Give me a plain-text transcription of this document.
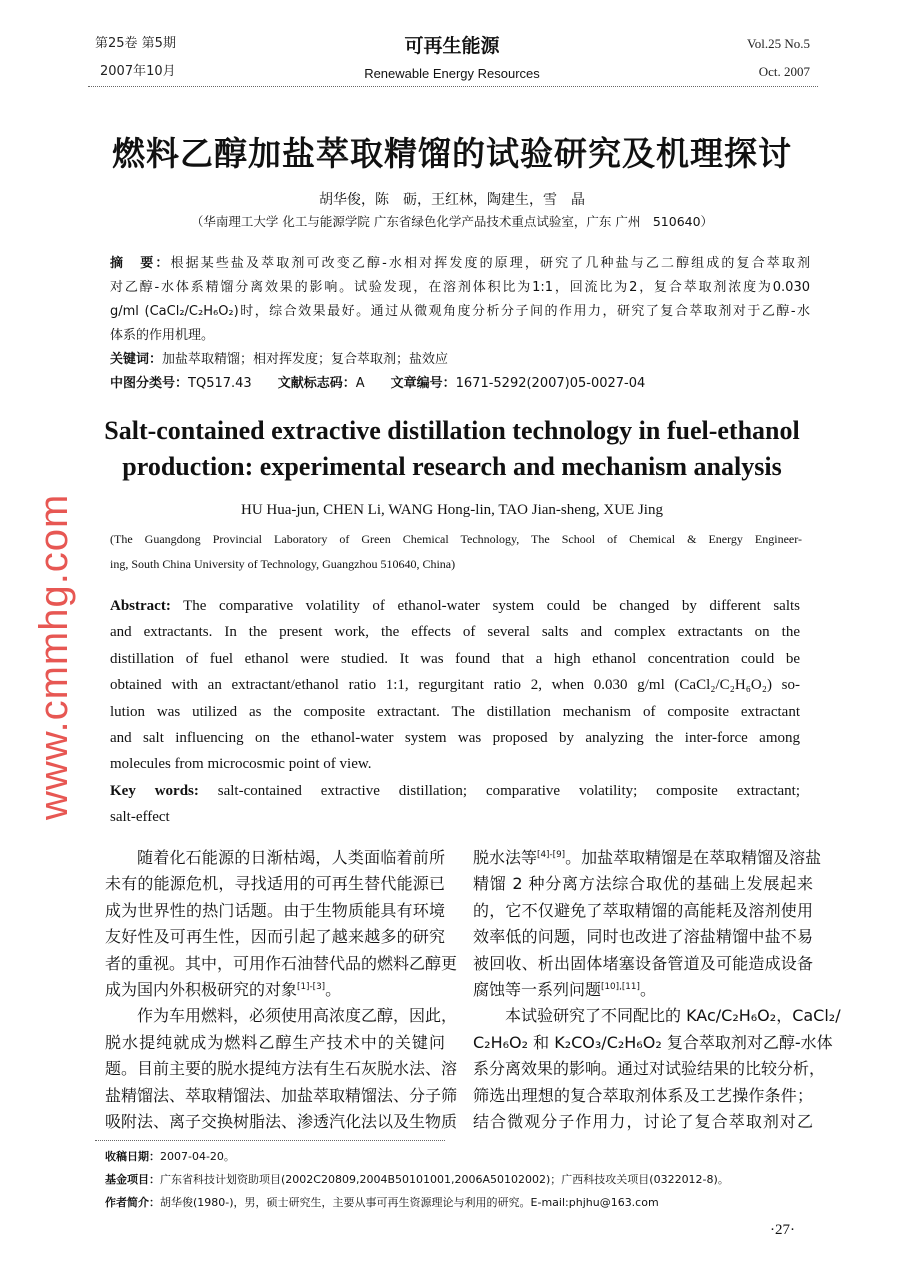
第25卷 第5期
2007年10月
可再生能源
Renewable Energy Resources
Vol.25 No.5
Oct. 2007
燃料乙醇加盐萃取精馏的试验研究及机理探讨
胡华俊，陈　砺，王红林，陶建生，雪　晶
（华南理工大学 化工与能源学院 广东省绿色化学产品技术重点试验室，广东 广州　510640）
摘　要：根据某些盐及萃取剂可改变乙醇-水相对挥发度的原理，研究了几种盐与乙二醇组成的复合萃取剂
对乙醇-水体系精馏分离效果的影响。试验发现，在溶剂体积比为1:1，回流比为2，复合萃取剂浓度为0.030
g/ml (CaCl₂/C₂H₆O₂)时，综合效果最好。通过从微观角度分析分子间的作用力，研究了复合萃取剂对于乙醇-水
体系的作用机理。
关键词：加盐萃取精馏；相对挥发度；复合萃取剂；盐效应
中图分类号：TQ517.43 文献标志码：A 文章编号：1671-5292(2007)05-0027-04
Salt-contained extractive distillation technology in fuel-ethanol
production: experimental research and mechanism analysis
HU Hua-jun, CHEN Li, WANG Hong-lin, TAO Jian-sheng, XUE Jing
(The Guangdong Provincial Laboratory of Green Chemical Technology, The School of Chemical & Energy Engineer-
ing, South China University of Technology, Guangzhou 510640, China)
Abstract: The comparative volatility of ethanol-water system could be changed by different salts
and extractants. In the present work, the effects of several salts and complex extractants on the
distillation of fuel ethanol were studied. It was found that a high ethanol concentration could be
obtained with an extractant/ethanol ratio 1:1, regurgitant ratio 2, when 0.030 g/ml (CaCl₂/C₂H₆O₂) so-
lution was utilized as the composite extractant. The distillation mechanism of composite extractant
and salt influencing on the ethanol-water system was proposed by analyzing the inter-force among
molecules from microcosmic point of view.
Key words: salt-contained extractive distillation; comparative volatility; composite extractant;
salt-effect
随着化石能源的日渐枯竭，人类面临着前所
未有的能源危机，寻找适用的可再生替代能源已
成为世界性的热门话题。由于生物质能具有环境
友好性及可再生性，因而引起了越来越多的研究
者的重视。其中，可用作石油替代品的燃料乙醇更
成为国内外积极研究的对象[1]-[3]。
作为车用燃料，必须使用高浓度乙醇，因此，
脱水提纯就成为燃料乙醇生产技术中的关键问
题。目前主要的脱水提纯方法有生石灰脱水法、溶
盐精馏法、萃取精馏法、加盐萃取精馏法、分子筛
吸附法、离子交换树脂法、渗透汽化法以及生物质
脱水法等[4]-[9]。加盐萃取精馏是在萃取精馏及溶盐
精馏 2 种分离方法综合取优的基础上发展起来
的，它不仅避免了萃取精馏的高能耗及溶剂使用
效率低的问题，同时也改进了溶盐精馏中盐不易
被回收、析出固体堵塞设备管道及可能造成设备
腐蚀等一系列问题[10],[11]。
本试验研究了不同配比的 KAc/C₂H₆O₂，CaCl₂/
C₂H₆O₂ 和 K₂CO₃/C₂H₆O₂ 复合萃取剂对乙醇-水体
系分离效果的影响。通过对试验结果的比较分析，
筛选出理想的复合萃取剂体系及工艺操作条件；
结合微观分子作用力，讨论了复合萃取剂对乙
收稿日期：2007-04-20。
基金项目：广东省科技计划资助项目(2002C20809,2004B50101001,2006A50102002)；广西科技攻关项目(0322012-8)。
作者简介：胡华俊(1980-)，男，硕士研究生，主要从事可再生资源理论与利用的研究。E-mail:phjhu@163.com
·27·
www.cmmhg.com
